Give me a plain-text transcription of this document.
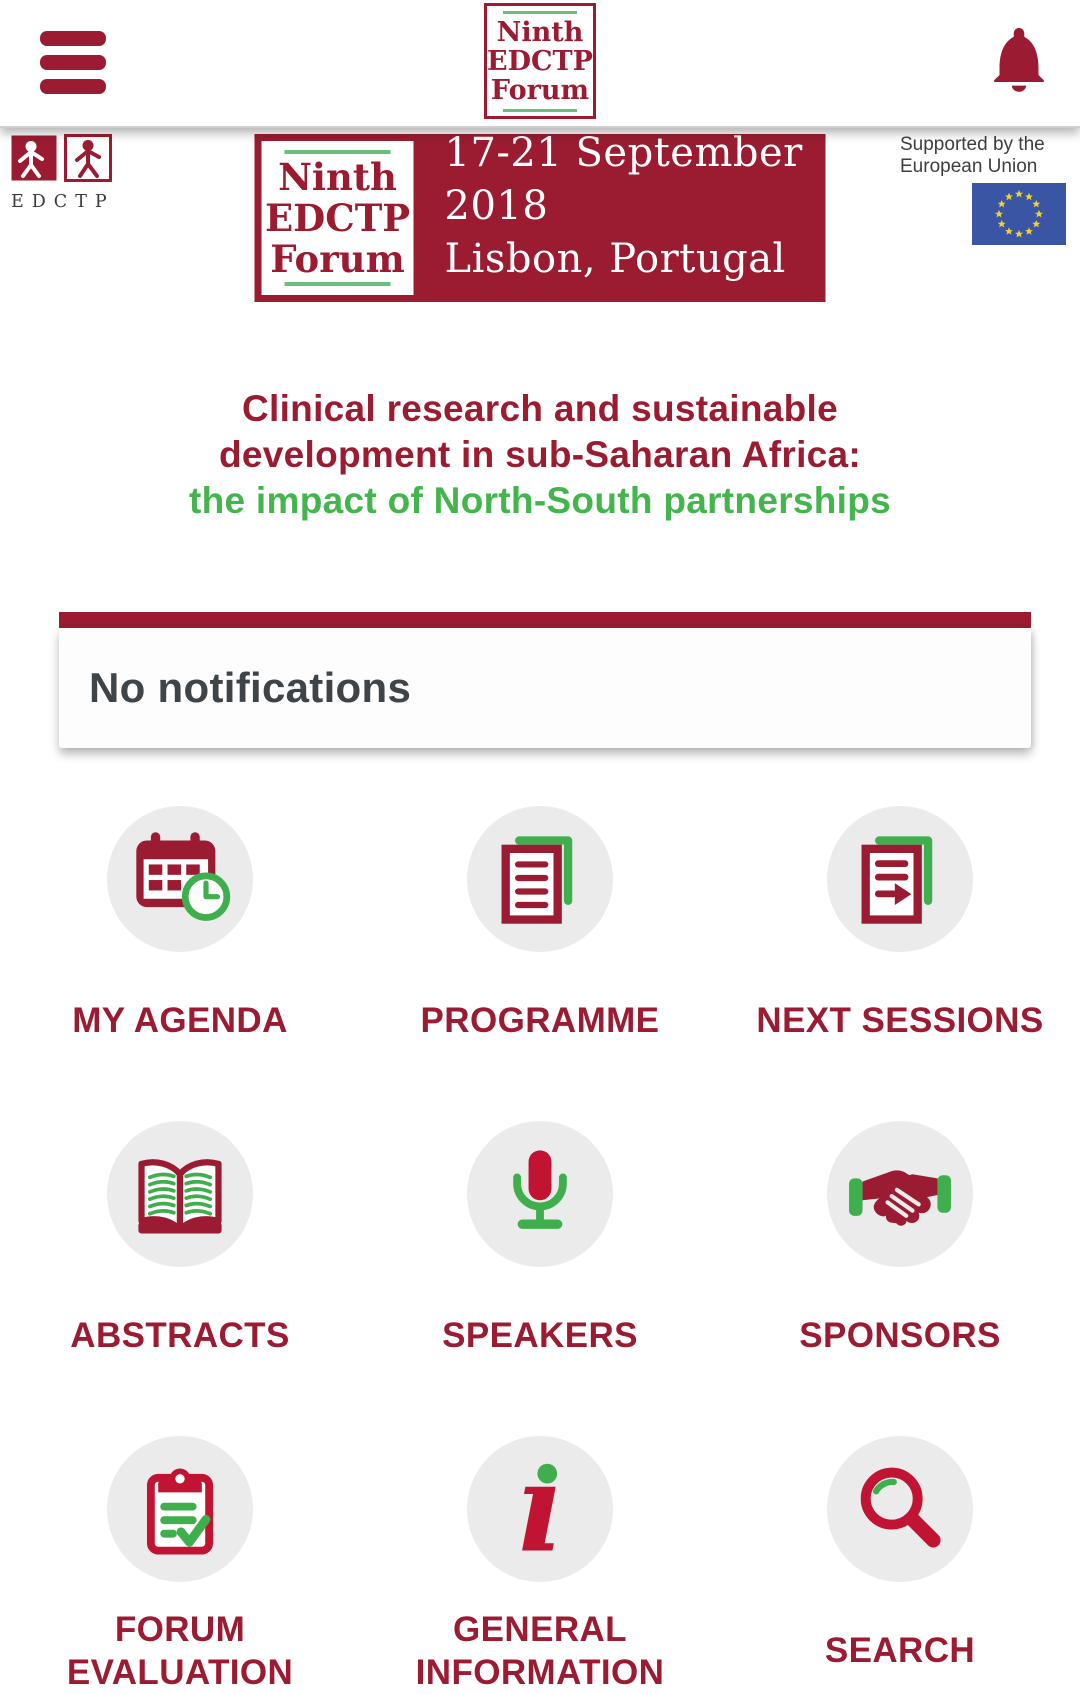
Ninth
EDCTP
Forum
EDCTP
Ninth
EDCTP
Forum
17-21 September 2018
Lisbon, Portugal
Supported by the
European Union
Clinical research and sustainable
development in sub-Saharan Africa:
the impact of North-South partnerships
No notifications
MY AGENDA	PROGRAMME	NEXT SESSIONS
ABSTRACTS	SPEAKERS	SPONSORS
FORUM EVALUATION
GENERAL INFORMATION
SEARCH
